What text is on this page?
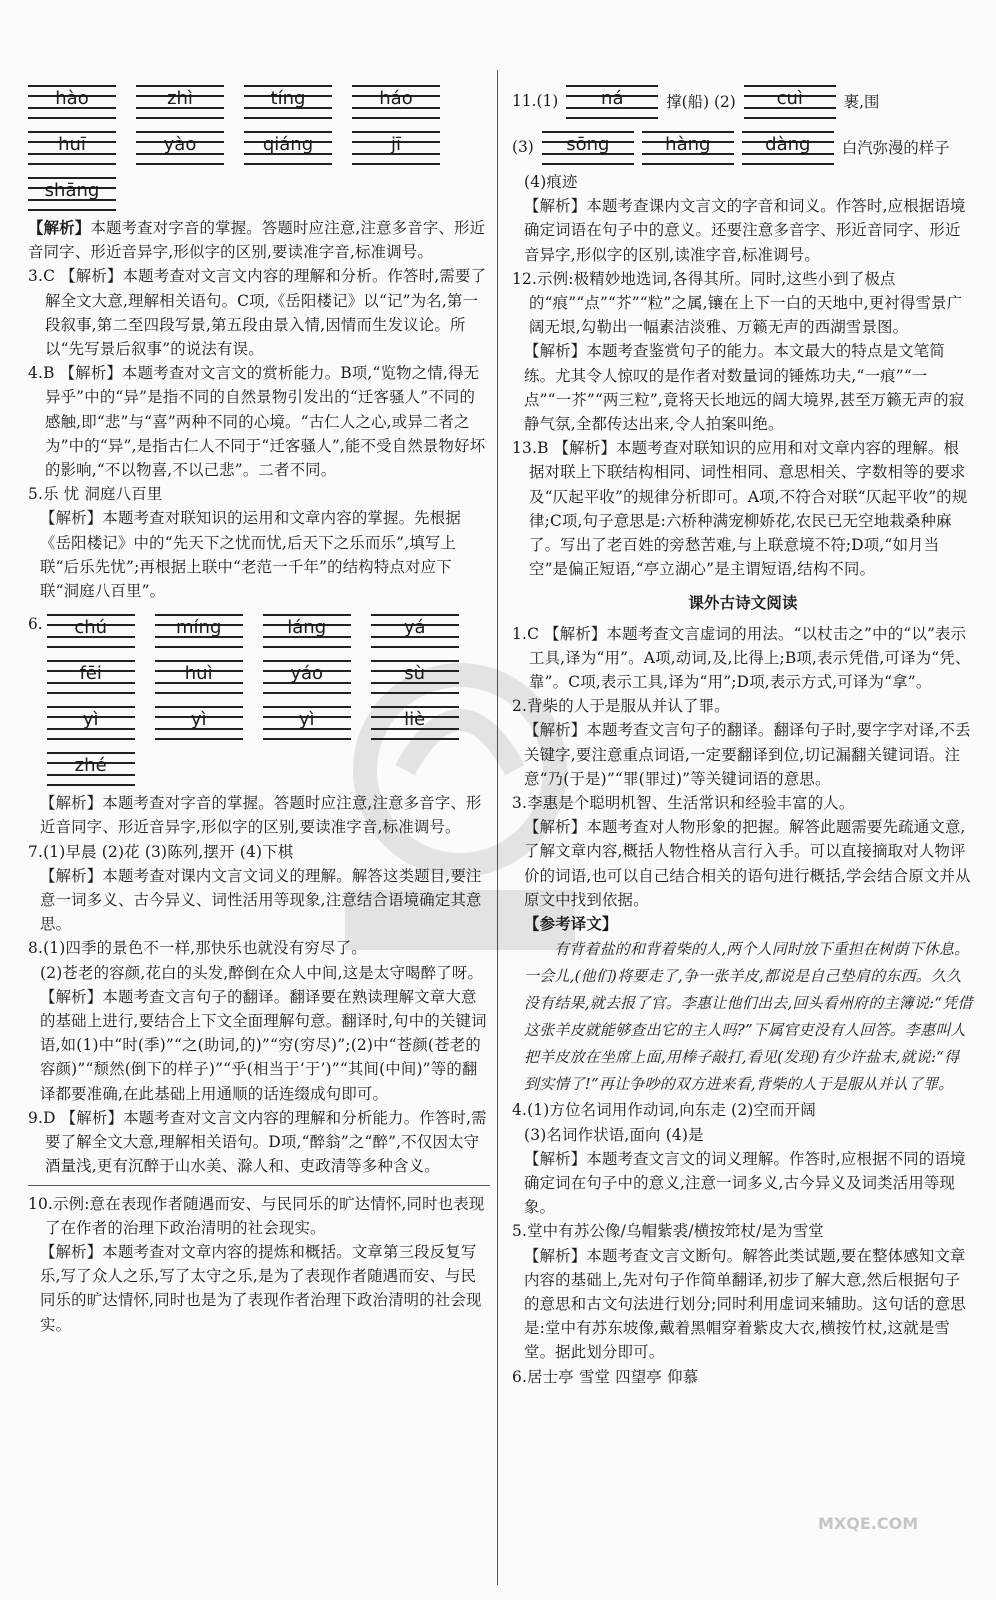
hào	zhì	tíng	háo
huī	yào	qiáng	jī
shāng

【解析】本题考查对字音的掌握。答题时应注意,注意多音字、形近音同字、形近音异字,形似字的区别,要读准字音,标准调号。

3.C 【解析】本题考查对文言文内容的理解和分析。作答时,需要了解全文大意,理解相关语句。C项,《岳阳楼记》以“记”为名,第一段叙事,第二至四段写景,第五段由景入情,因情而生发议论。所以“先写景后叙事”的说法有误。

4.B 【解析】本题考查对文言文的赏析能力。B项,“览物之情,得无异乎”中的“异”是指不同的自然景物引发出的“迁客骚人”不同的感触,即“悲”与“喜”两种不同的心境。“古仁人之心,或异二者之为”中的“异”,是指古仁人不同于“迁客骚人”,能不受自然景物好坏的影响,“不以物喜,不以己悲”。二者不同。

5.乐 忧 洞庭八百里

【解析】本题考查对联知识的运用和文章内容的掌握。先根据《岳阳楼记》中的“先天下之忧而忧,后天下之乐而乐”,填写上联“后乐先忧”;再根据上联中“老范一千年”的结构特点对应下联“洞庭八百里”。

6.	chú	míng	láng	yá
fēi	huì	yáo	sù
yì	yì	yì	liè
zhé

【解析】本题考查对字音的掌握。答题时应注意,注意多音字、形近音同字、形近音异字,形似字的区别,要读准字音,标准调号。

7.(1)早晨 (2)花 (3)陈列,摆开 (4)下棋

【解析】本题考查对课内文言文词义的理解。解答这类题目,要注意一词多义、古今异义、词性活用等现象,注意结合语境确定其意思。

8.(1)四季的景色不一样,那快乐也就没有穷尽了。

(2)苍老的容颜,花白的头发,醉倒在众人中间,这是太守喝醉了呀。

【解析】本题考查文言句子的翻译。翻译要在熟读理解文章大意的基础上进行,要结合上下文全面理解句意。翻译时,句中的关键词语,如(1)中“时(季)”“之(助词,的)”“穷(穷尽)”;(2)中“苍颜(苍老的容颜)”“颓然(倒下的样子)”“乎(相当于‘于’)”“其间(中间)”等的翻译都要准确,在此基础上用通顺的话连缀成句即可。

9.D 【解析】本题考查对文言文内容的理解和分析能力。作答时,需要了解全文大意,理解相关语句。D项,“醉翁”之“醉”,不仅因太守酒量浅,更有沉醉于山水美、滁人和、吏政清等多种含义。

10.示例:意在表现作者随遇而安、与民同乐的旷达情怀,同时也表现了在作者的治理下政治清明的社会现实。

【解析】本题考查对文章内容的提炼和概括。文章第三段反复写乐,写了众人之乐,写了太守之乐,是为了表现作者随遇而安、与民同乐的旷达情怀,同时也是为了表现作者治理下政治清明的社会现实。

11.(1)	ná	撑(船) (2)	cuì	裹,围
(3)	sōng	hàng	dàng	白汽弥漫的样子

(4)痕迹

【解析】本题考查课内文言文的字音和词义。作答时,应根据语境确定词语在句子中的意义。还要注意多音字、形近音同字、形近音异字,形似字的区别,读准字音,标准调号。

12.示例:极精妙地选词,各得其所。同时,这些小到了极点的“痕”“点”“芥”“粒”之属,镶在上下一白的天地中,更衬得雪景广阔无垠,勾勒出一幅素洁淡雅、万籁无声的西湖雪景图。

【解析】本题考查鉴赏句子的能力。本文最大的特点是文笔简练。尤其令人惊叹的是作者对数量词的锤炼功夫,“一痕”“一点”“一芥”“两三粒”,竟将天长地远的阔大境界,甚至万籁无声的寂静气氛,全都传达出来,令人拍案叫绝。

13.B 【解析】本题考查对联知识的应用和对文章内容的理解。根据对联上下联结构相同、词性相同、意思相关、字数相等的要求及“仄起平收”的规律分析即可。A项,不符合对联“仄起平收”的规律;C项,句子意思是:六桥种满宠柳娇花,农民已无空地栽桑种麻了。写出了老百姓的旁愁苦难,与上联意境不符;D项,“如月当空”是偏正短语,“亭立湖心”是主谓短语,结构不同。

课外古诗文阅读

1.C 【解析】本题考查文言虚词的用法。“以杖击之”中的“以”表示工具,译为“用”。A项,动词,及,比得上;B项,表示凭借,可译为“凭、靠”。C项,表示工具,译为“用”;D项,表示方式,可译为“拿”。

2.背柴的人于是服从并认了罪。

【解析】本题考查文言句子的翻译。翻译句子时,要字字对译,不丢关键字,要注意重点词语,一定要翻译到位,切记漏翻关键词语。注意“乃(于是)”“罪(罪过)”等关键词语的意思。

3.李惠是个聪明机智、生活常识和经验丰富的人。

【解析】本题考查对人物形象的把握。解答此题需要先疏通文意,了解文章内容,概括人物性格从言行入手。可以直接摘取对人物评价的词语,也可以自己结合相关的语句进行概括,学会结合原文并从原文中找到依据。

【参考译文】

有背着盐的和背着柴的人,两个人同时放下重担在树荫下休息。一会儿,(他们)将要走了,争一张羊皮,都说是自己垫肩的东西。久久没有结果,就去报了官。李惠让他们出去,回头看州府的主簿说:“凭借这张羊皮就能够查出它的主人吗?”下属官吏没有人回答。李惠叫人把羊皮放在坐席上面,用棒子敲打,看见(发现)有少许盐末,就说:“得到实情了!”再让争吵的双方进来看,背柴的人于是服从并认了罪。

4.(1)方位名词用作动词,向东走 (2)空而开阔

(3)名词作状语,面向 (4)是

【解析】本题考查文言文的词义理解。作答时,应根据不同的语境确定词在句子中的意义,注意一词多义,古今异义及词类活用等现象。

5.堂中有苏公像/乌帽紫裘/横按筇杖/是为雪堂

【解析】本题考查文言文断句。解答此类试题,要在整体感知文章内容的基础上,先对句子作简单翻译,初步了解大意,然后根据句子的意思和古文句法进行划分;同时利用虚词来辅助。这句话的意思是:堂中有苏东坡像,戴着黑帽穿着紫皮大衣,横按竹杖,这就是雪堂。据此划分即可。

6.居士亭 雪堂 四望亭 仰慕

MXQE.COM
